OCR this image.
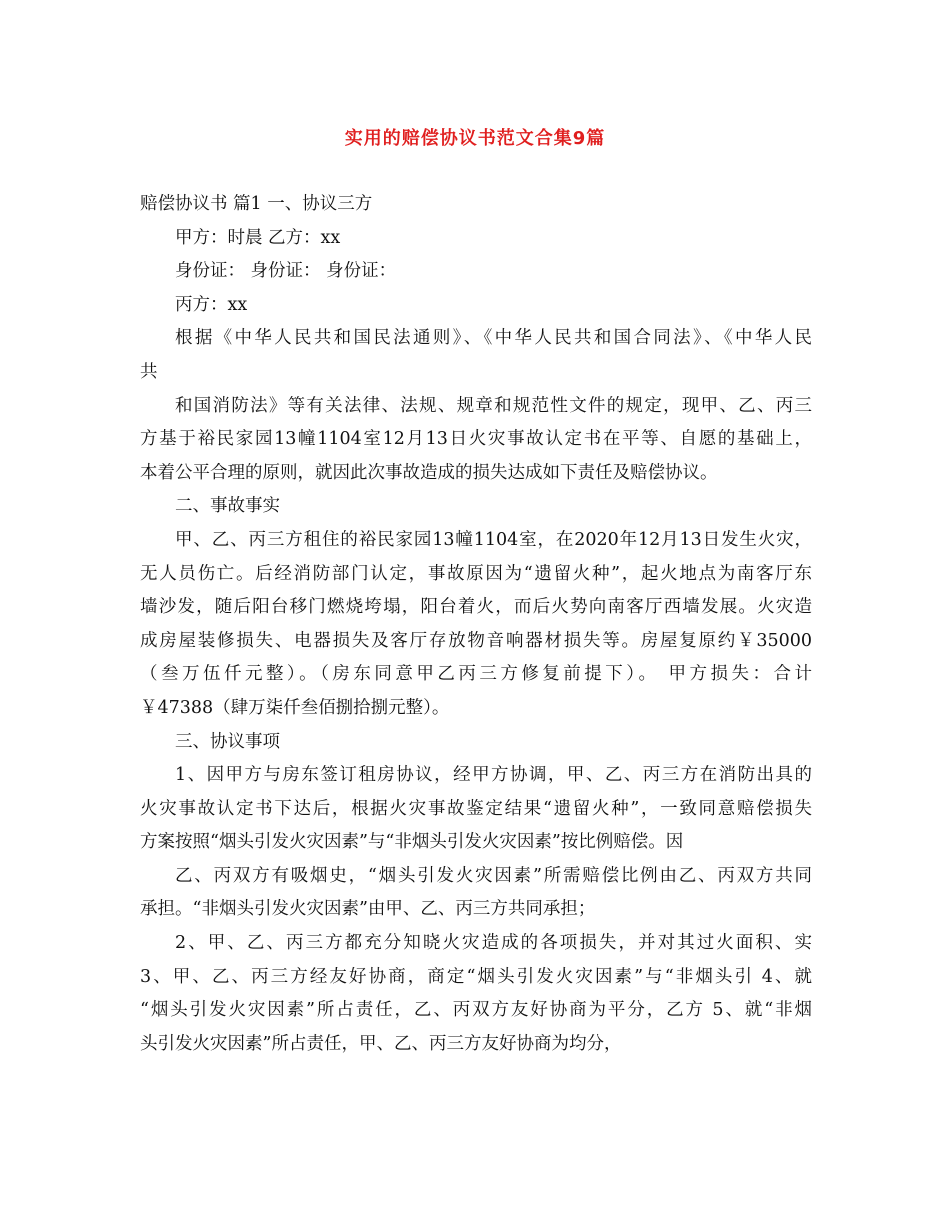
实用的赔偿协议书范文合集9篇
赔偿协议书 篇1 一、协议三方
甲方：时晨 乙方：xx
身份证： 身份证： 身份证：
丙方：xx
根据《中华人民共和国民法通则》、《中华人民共和国合同法》、《中华人民
共
和国消防法》等有关法律、法规、规章和规范性文件的规定，现甲、乙、丙三
方基于裕民家园13幢1104室12月13日火灾事故认定书在平等、自愿的基础上，
本着公平合理的原则，就因此次事故造成的损失达成如下责任及赔偿协议。
二、事故事实
甲、乙、丙三方租住的裕民家园13幢1104室，在2020年12月13日发生火灾，
无人员伤亡。后经消防部门认定，事故原因为“遗留火种”，起火地点为南客厅东
墙沙发，随后阳台移门燃烧垮塌，阳台着火，而后火势向南客厅西墙发展。火灾造
成房屋装修损失、电器损失及客厅存放物音响器材损失等。房屋复原约￥35000
（叁万伍仟元整）。（房东同意甲乙丙三方修复前提下）。 甲方损失：合计
￥47388（肆万柒仟叁佰捌拾捌元整）。
三、协议事项
1、因甲方与房东签订租房协议，经甲方协调，甲、乙、丙三方在消防出具的
火灾事故认定书下达后，根据火灾事故鉴定结果“遗留火种”，一致同意赔偿损失
方案按照“烟头引发火灾因素”与“非烟头引发火灾因素”按比例赔偿。因
乙、丙双方有吸烟史，“烟头引发火灾因素”所需赔偿比例由乙、丙双方共同
承担。“非烟头引发火灾因素”由甲、乙、丙三方共同承担；
2、甲、乙、丙三方都充分知晓火灾造成的各项损失，并对其过火面积、实
3、甲、乙、丙三方经友好协商，商定“烟头引发火灾因素”与“非烟头引 4、就
“烟头引发火灾因素”所占责任，乙、丙双方友好协商为平分，乙方 5、就“非烟
头引发火灾因素”所占责任，甲、乙、丙三方友好协商为均分，
